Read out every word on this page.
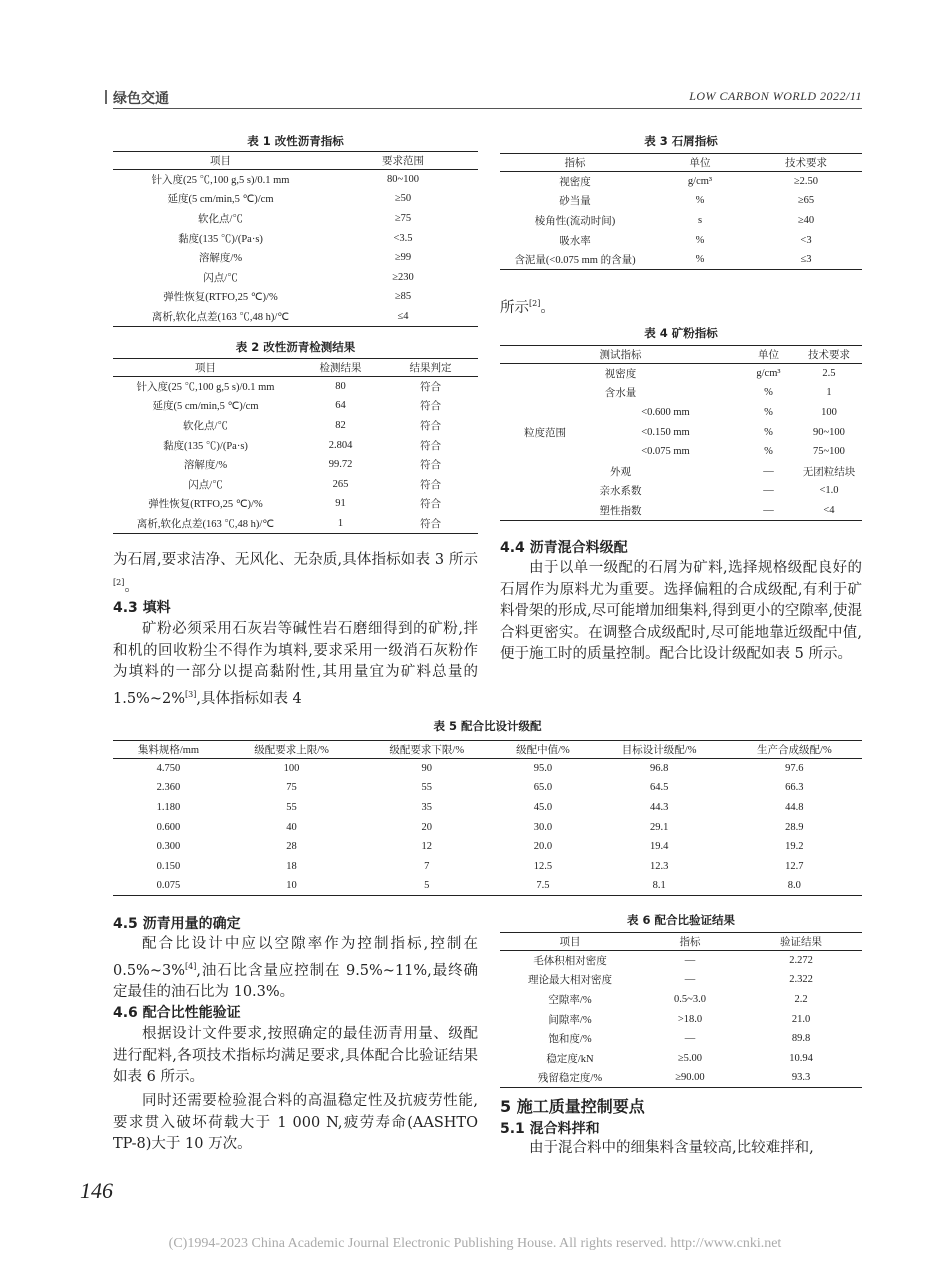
绿色交通	LOW CARBON WORLD 2022/11
表 1 改性沥青指标
项目	要求范围
针入度(25 ℃,100 g,5 s)/0.1 mm	80~100
延度(5 cm/min,5 ℃)/cm	≥50
软化点/℃	≥75
黏度(135 ℃)/(Pa·s)	<3.5
溶解度/%	≥99
闪点/℃	≥230
弹性恢复(RTFO,25 ℃)/%	≥85
离析,软化点差(163 ℃,48 h)/℃	≤4
表 2 改性沥青检测结果
项目	检测结果	结果判定
针入度(25 ℃,100 g,5 s)/0.1 mm	80	符合
延度(5 cm/min,5 ℃)/cm	64	符合
软化点/℃	82	符合
黏度(135 ℃)/(Pa·s)	2.804	符合
溶解度/%	99.72	符合
闪点/℃	265	符合
弹性恢复(RTFO,25 ℃)/%	91	符合
离析,软化点差(163 ℃,48 h)/℃	1	符合
为石屑,要求洁净、无风化、无杂质,具体指标如表 3 所示[2]。
4.3 填料
矿粉必须采用石灰岩等碱性岩石磨细得到的矿粉,拌和机的回收粉尘不得作为填料,要求采用一级消石灰粉作为填料的一部分以提高黏附性,其用量宜为矿料总量的 1.5%~2%[3],具体指标如表 4
表 3 石屑指标
指标	单位	技术要求
视密度	g/cm³	≥2.50
砂当量	%	≥65
棱角性(流动时间)	s	≥40
吸水率	%	<3
含泥量(<0.075 mm 的含量)	%	≤3
所示[2]。
表 4 矿粉指标
测试指标		单位	技术要求
视密度		g/cm³	2.5
含水量		%	1
粒度范围	<0.600 mm	%	100
	<0.150 mm	%	90~100
	<0.075 mm	%	75~100
外观		—	无团粒结块
亲水系数		—	<1.0
塑性指数		—	<4
4.4 沥青混合料级配
由于以单一级配的石屑为矿料,选择规格级配良好的石屑作为原料尤为重要。选择偏粗的合成级配,有利于矿料骨架的形成,尽可能增加细集料,得到更小的空隙率,使混合料更密实。在调整合成级配时,尽可能地靠近级配中值,便于施工时的质量控制。配合比设计级配如表 5 所示。
表 5 配合比设计级配
集料规格/mm	级配要求上限/%	级配要求下限/%	级配中值/%	目标设计级配/%	生产合成级配/%
4.750	100	90	95.0	96.8	97.6
2.360	75	55	65.0	64.5	66.3
1.180	55	35	45.0	44.3	44.8
0.600	40	20	30.0	29.1	28.9
0.300	28	12	20.0	19.4	19.2
0.150	18	7	12.5	12.3	12.7
0.075	10	5	7.5	8.1	8.0
4.5 沥青用量的确定
配合比设计中应以空隙率作为控制指标,控制在 0.5%~3%[4],油石比含量应控制在 9.5%~11%,最终确定最佳的油石比为 10.3%。
4.6 配合比性能验证
根据设计文件要求,按照确定的最佳沥青用量、级配进行配料,各项技术指标均满足要求,具体配合比验证结果如表 6 所示。
同时还需要检验混合料的高温稳定性及抗疲劳性能,要求贯入破坏荷载大于 1 000 N,疲劳寿命(AASHTO TP-8)大于 10 万次。
表 6 配合比验证结果
项目	指标	验证结果
毛体积相对密度	—	2.272
理论最大相对密度	—	2.322
空隙率/%	0.5~3.0	2.2
间隙率/%	>18.0	21.0
饱和度/%	—	89.8
稳定度/kN	≥5.00	10.94
残留稳定度/%	≥90.00	93.3
5 施工质量控制要点
5.1 混合料拌和
由于混合料中的细集料含量较高,比较难拌和,
146
(C)1994-2023 China Academic Journal Electronic Publishing House. All rights reserved. http://www.cnki.net
